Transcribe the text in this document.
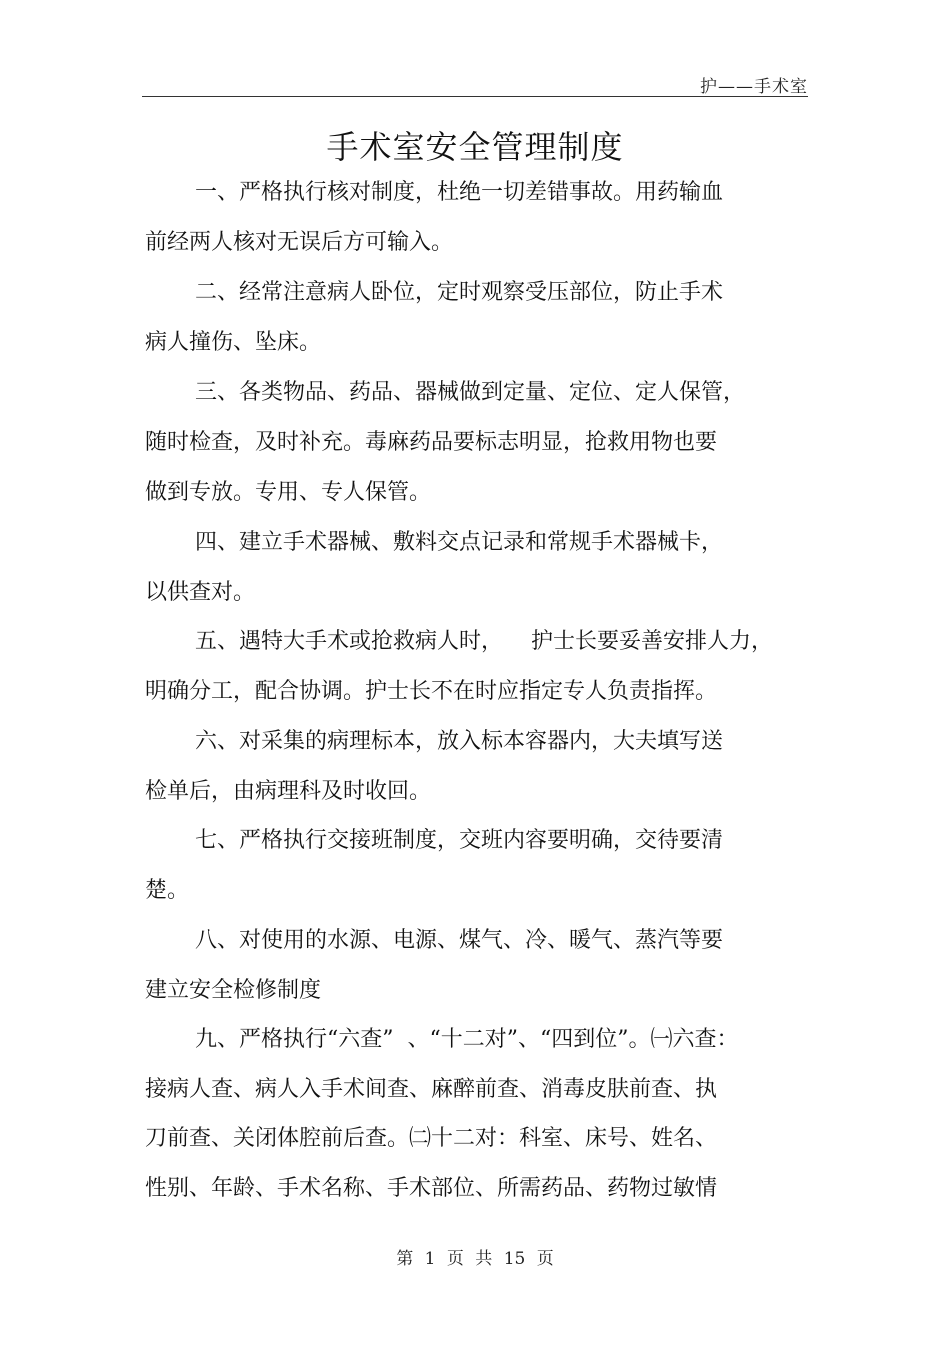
护——手术室
手术室安全管理制度
一、严格执行核对制度，杜绝一切差错事故。用药输血
前经两人核对无误后方可输入。
二、经常注意病人卧位，定时观察受压部位，防止手术
病人撞伤、坠床。
三、各类物品、药品、器械做到定量、定位、定人保管，
随时检查，及时补充。毒麻药品要标志明显，抢救用物也要
做到专放。专用、专人保管。
四、建立手术器械、敷料交点记录和常规手术器械卡，
以供查对。
五、遇特大手术或抢救病人时，    护士长要妥善安排人力，
明确分工，配合协调。护士长不在时应指定专人负责指挥。
六、对采集的病理标本，放入标本容器内，大夫填写送
检单后，由病理科及时收回。
七、严格执行交接班制度，交班内容要明确，交待要清
楚。
八、对使用的水源、电源、煤气、冷、暖气、蒸汽等要
建立安全检修制度
九、严格执行“六查”  、“十二对”、“四到位”。㈠六查：
接病人查、病人入手术间查、麻醉前查、消毒皮肤前查、执
刀前查、关闭体腔前后查。㈡十二对：科室、床号、姓名、
性别、年龄、手术名称、手术部位、所需药品、药物过敏情
第 1 页 共 15 页
